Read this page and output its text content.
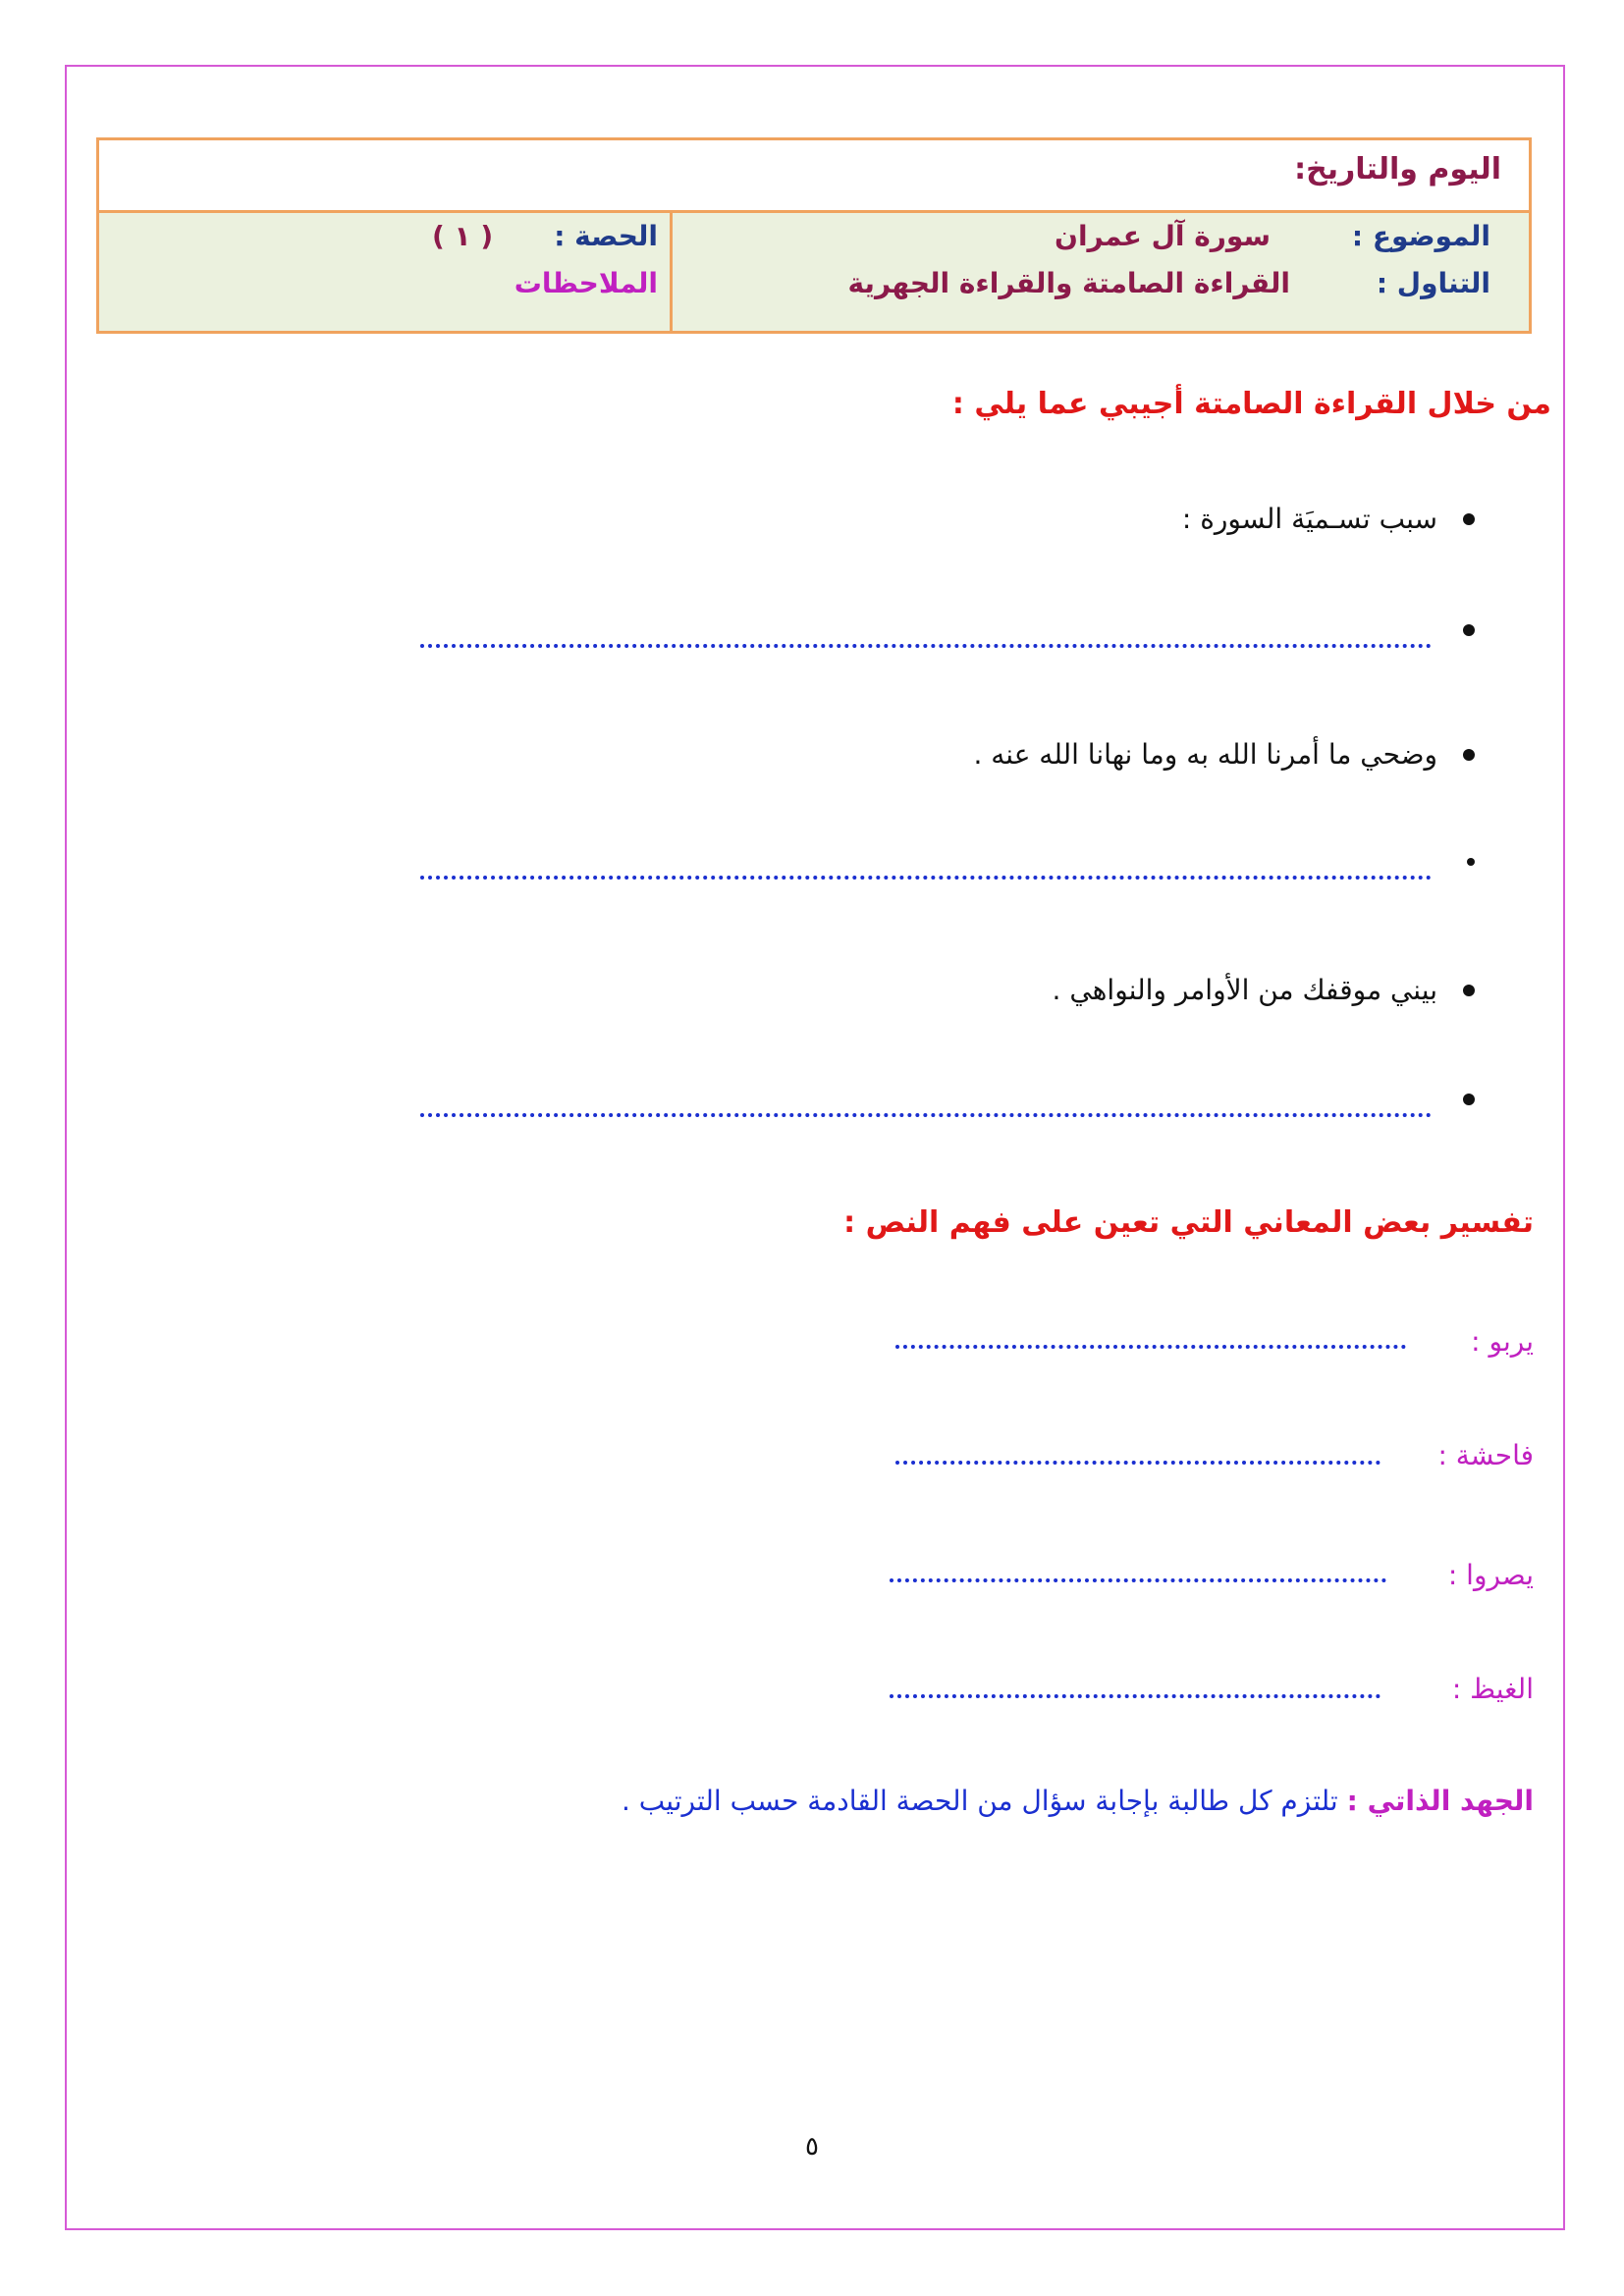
اليوم والتاريخ:
الموضوع :
سورة آل عمران
التناول :
القراءة الصامتة والقراءة الجهرية
الحصة :
( ١ )
الملاحظات
من خلال القراءة الصامتة أجيبي عما يلي :
سبب تسـميَة السورة :
وضحي ما أمرنا الله به وما نهانا الله عنه .
بيني موقفك من الأوامر والنواهي .
تفسير بعض المعاني التي تعين على فهم النص :
يربو :
فاحشة :
يصروا :
الغيظ :
الجهد الذاتي : تلتزم كل طالبة بإجابة سؤال من الحصة القادمة حسب الترتيب .
٥
